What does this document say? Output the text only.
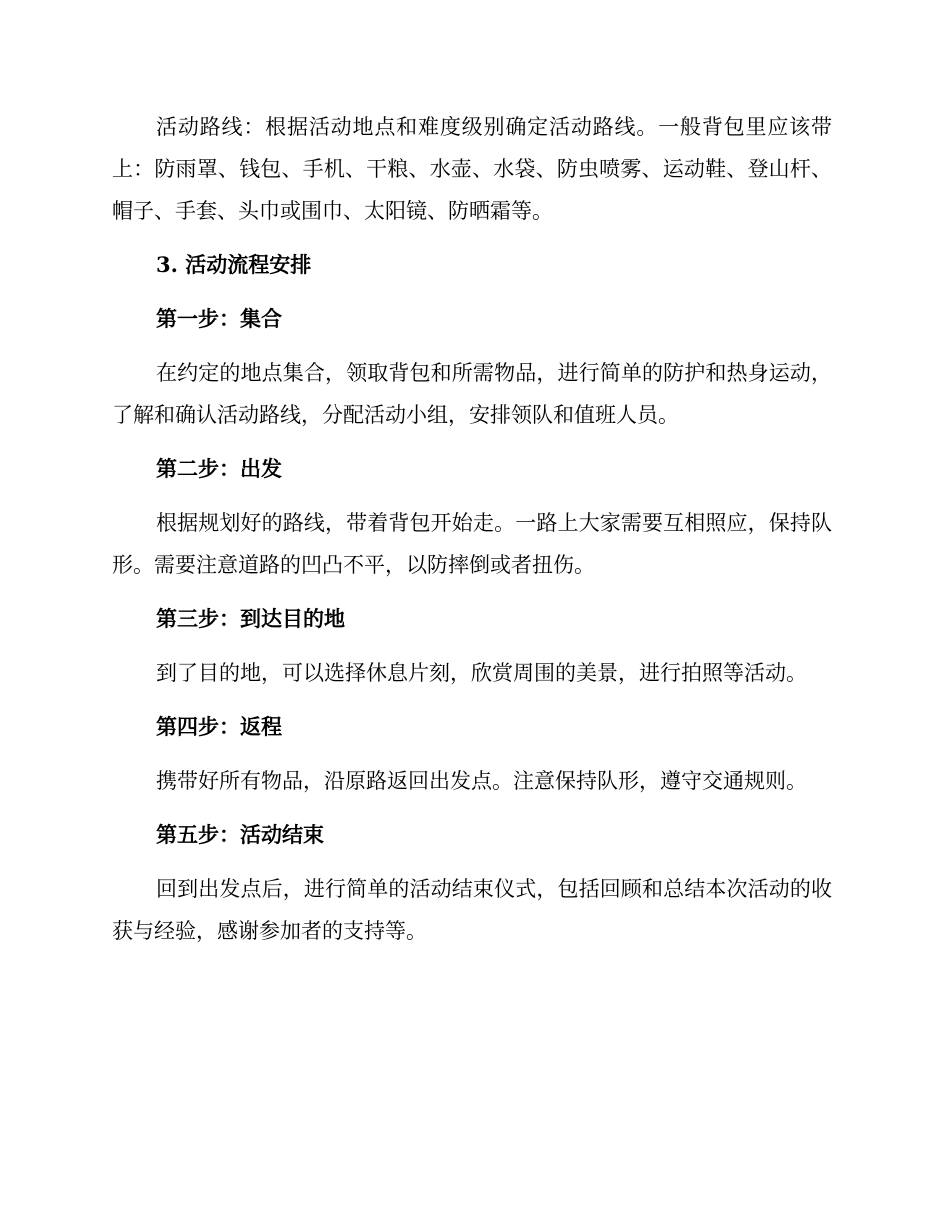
活动路线：根据活动地点和难度级别确定活动路线。一般背包里应该带上：防雨罩、钱包、手机、干粮、水壶、水袋、防虫喷雾、运动鞋、登山杆、帽子、手套、头巾或围巾、太阳镜、防晒霜等。

3. 活动流程安排

第一步：集合

在约定的地点集合，领取背包和所需物品，进行简单的防护和热身运动，了解和确认活动路线，分配活动小组，安排领队和值班人员。

第二步：出发

根据规划好的路线，带着背包开始走。一路上大家需要互相照应，保持队形。需要注意道路的凹凸不平，以防摔倒或者扭伤。

第三步：到达目的地

到了目的地，可以选择休息片刻，欣赏周围的美景，进行拍照等活动。

第四步：返程

携带好所有物品，沿原路返回出发点。注意保持队形，遵守交通规则。

第五步：活动结束

回到出发点后，进行简单的活动结束仪式，包括回顾和总结本次活动的收获与经验，感谢参加者的支持等。
